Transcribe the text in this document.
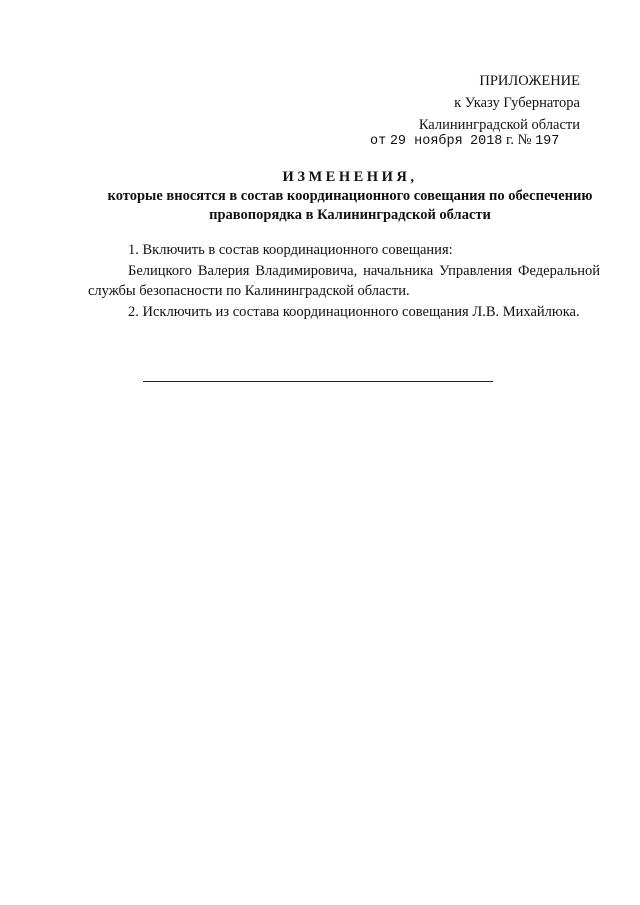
ПРИЛОЖЕНИЕ
к Указу Губернатора
Калининградской области
от 29 ноября 2018 г. № 197
ИЗМЕНЕНИЯ,
которые вносятся в состав координационного совещания по обеспечению
правопорядка в Калининградской области

1. Включить в состав координационного совещания:

Белицкого Валерия Владимировича, начальника Управления Федеральной службы безопасности по Калининградской области.

2. Исключить из состава координационного совещания Л.В. Михайлюка.
